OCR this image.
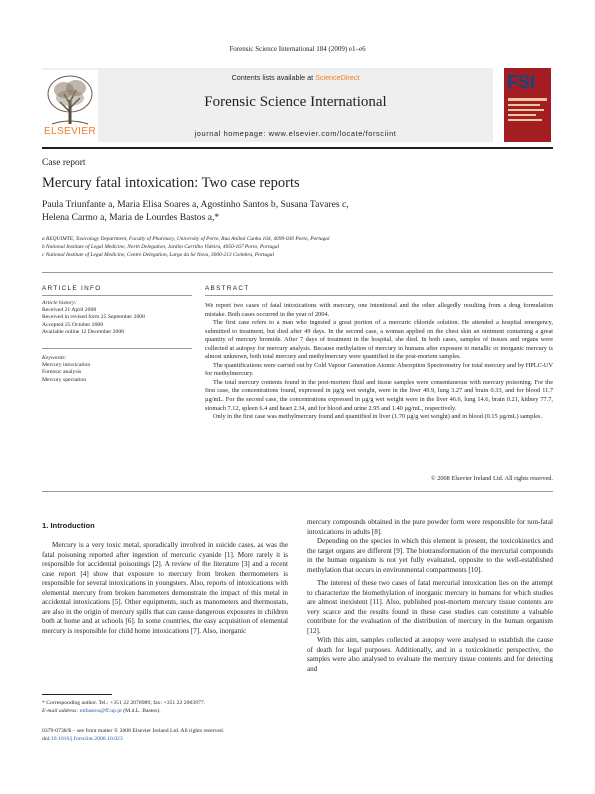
Forensic Science International 184 (2009) e1–e6
Contents lists available at ScienceDirect
Forensic Science International
journal homepage: www.elsevier.com/locate/forsciint
ELSEVIER
FSI
Case report
Mercury fatal intoxication: Two case reports
Paula Triunfante a, Maria Elisa Soares a, Agostinho Santos b, Susana Tavares c,
Helena Carmo a, Maria de Lourdes Bastos a,*
a REQUIMTE, Toxicology Department, Faculty of Pharmacy, University of Porto, Rua Aníbal Cunha 164, 4099-030 Porto, Portugal
b National Institute of Legal Medicine, North Delegation, Jardim Carrilho Videira, 4050-167 Porto, Portugal
c National Institute of Legal Medicine, Centre Delegation, Largo da Sé Nova, 3000-213 Coimbra, Portugal
ARTICLE INFO	ABSTRACT
Article history:
Received 21 April 2008
Received in revised form 25 September 2008
Accepted 25 October 2008
Available online 12 December 2008
Keywords:
Mercury intoxication
Forensic analysis
Mercury speciation

We report two cases of fatal intoxications with mercury, one intentional and the other allegedly resulting from a drug formulation mistake. Both cases occurred in the year of 2004.

The first case refers to a man who ingested a great portion of a mercuric chloride solution. He attended a hospital emergency, submitted to treatment, but died after 49 days. In the second case, a woman applied on the chest skin an ointment containing a great quantity of mercury bromide. After 7 days of treatment in the hospital, she died. In both cases, samples of tissues and organs were collected at autopsy for mercury analysis. Because methylation of mercury in humans after exposure to metallic or inorganic mercury is almost unknown, both total mercury and methylmercury were quantified in the post-mortem samples.

The quantifications were carried out by Cold Vapour Generation Atomic Absorption Spectrometry for total mercury and by HPLC-UV for methylmercury.

The total mercury contents found in the post-mortem fluid and tissue samples were consentaneous with mercury poisoning. For the first case, the concentrations found, expressed in µg/g wet weight, were in the liver 49.9, lung 3.27 and brain 0.33, and for blood 11.7 µg/mL. For the second case, the concentrations expressed in µg/g wet weight were in the liver 46.6, lung 14.6, brain 0.21, kidney 77.7, stomach 7.12, spleen 6.4 and heart 2.34, and for blood and urine 2.95 and 1.40 µg/mL, respectively.

Only in the first case was methylmercury found and quantified in liver (1.70 µg/g wet weight) and in blood (0.15 µg/mL) samples.

© 2008 Elsevier Ireland Ltd. All rights reserved.
1. Introduction

Mercury is a very toxic metal, sporadically involved in suicide cases, as was the fatal poisoning reported after ingestion of mercuric cyanide [1]. More rarely it is responsible for accidental poisonings [2]. A review of the literature [3] and a recent case report [4] show that exposure to mercury from broken thermometers is responsible for several intoxications in youngsters. Also, reports of intoxications with elemental mercury from broken barometers demonstrate the impact of this metal in accidental intoxications [5]. Other equipments, such as manometers and thermostats, are also in the origin of mercury spills that can cause dangerous exposures in children both at home and at schools [6]. In some countries, the easy acquisition of elemental mercury is responsible for child home intoxications [7]. Also, inorganic

mercury compounds obtained in the pure powder form were responsible for non-fatal intoxications in adults [8].

Depending on the species in which this element is present, the toxicokinetics and the target organs are different [9]. The biotransformation of the mercurial compounds in the human organism is not yet fully evaluated, opposite to the well-established methylation that occurs in environmental compartments [10].

The interest of these two cases of fatal mercurial intoxication lies on the attempt to characterize the biomethylation of inorganic mercury in humans for which studies are almost inexistent [11]. Also, published post-mortem mercury tissue contents are very scarce and the results found in these case studies can constitute a valuable contribute for the evaluation of the distribution of mercury in the human organism [12].

With this aim, samples collected at autopsy were analysed to establish the cause of death for legal purposes. Additionally, and in a toxicokinetic perspective, the samples were also analysed to evaluate the mercury tissue contents and for detecting and

* Corresponding author. Tel.: +351 22 2078989; fax: +351 22 2003977.
E-mail address: mlbastos@ff.up.pt (M.d.L. Bastos).
0379-0738/$ – see front matter © 2008 Elsevier Ireland Ltd. All rights reserved.
doi:10.1016/j.forsciint.2008.10.023
